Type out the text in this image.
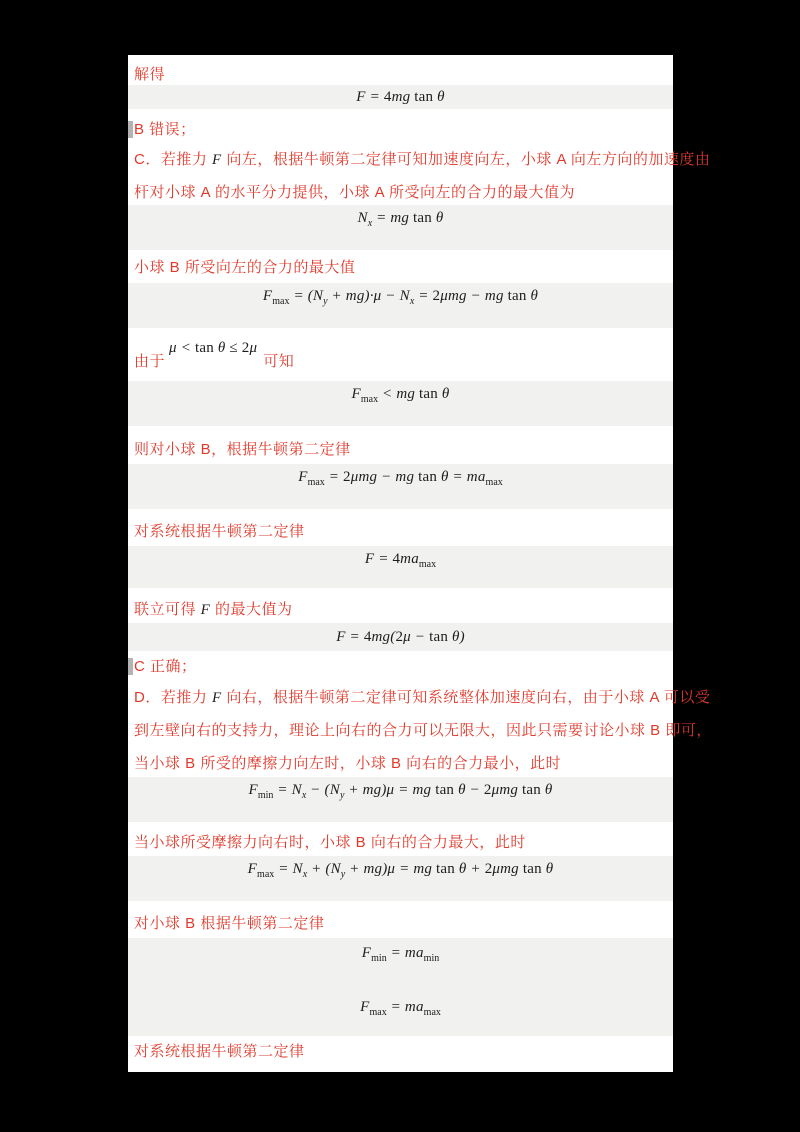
解得
F = 4mg tan θ
B 错误；
C．若推力 F 向左，根据牛顿第二定律可知加速度向左，小球 A 向左方向的加速度由
杆对小球 A 的水平分力提供，小球 A 所受向左的合力的最大值为
$N_x$ = mg tan θ
小球 B 所受向左的合力的最大值
$F_{max} = (N_y + mg)\cdot\mu - N_x = 2\mu mg$ − mg tan θ
由于
μ < tan θ ≤ 2μ
可知
$F_{max}$ < mg tan θ
则对小球 B，根据牛顿第二定律
$F_{max} = 2\mu mg$ − mg $\tan \theta = ma_{max}$
对系统根据牛顿第二定律
$F = 4ma_{max}$
联立可得 F 的最大值为
F = 4mg(2μ − tan θ)
C 正确；
D．若推力 F 向右，根据牛顿第二定律可知系统整体加速度向右，由于小球 A 可以受
到左壁向右的支持力，理论上向右的合力可以无限大，因此只需要讨论小球 B 即可，
当小球 B 所受的摩擦力向左时，小球 B 向右的合力最小，此时
$F_{min} = N_x - (N_y + mg)\mu$ = mg tan θ − 2μmg tan θ
当小球所受摩擦力向右时，小球 B 向右的合力最大，此时
$F_{max} = N_x + (N_y + mg)\mu$ = mg tan θ + 2μmg tan θ
对小球 B 根据牛顿第二定律
$F_{min} = ma_{min}$
$F_{max} = ma_{max}$
对系统根据牛顿第二定律
